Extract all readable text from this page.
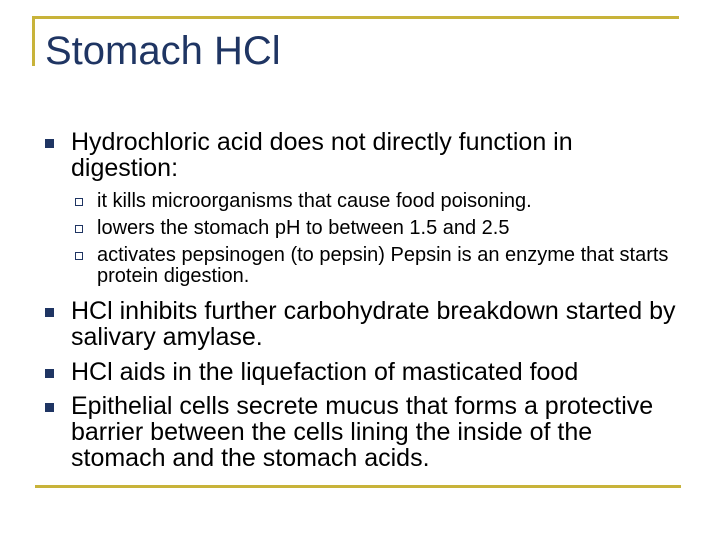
Stomach HCl
Hydrochloric acid does not directly function in digestion:
it kills microorganisms that cause food poisoning.
lowers the stomach pH to between 1.5 and 2.5
activates pepsinogen (to pepsin) Pepsin is an enzyme that starts protein digestion.
HCl inhibits further carbohydrate breakdown started by salivary amylase.
HCl aids in the liquefaction of masticated food
Epithelial cells secrete mucus that forms a protective barrier between the cells lining the inside of the stomach and the stomach acids.
